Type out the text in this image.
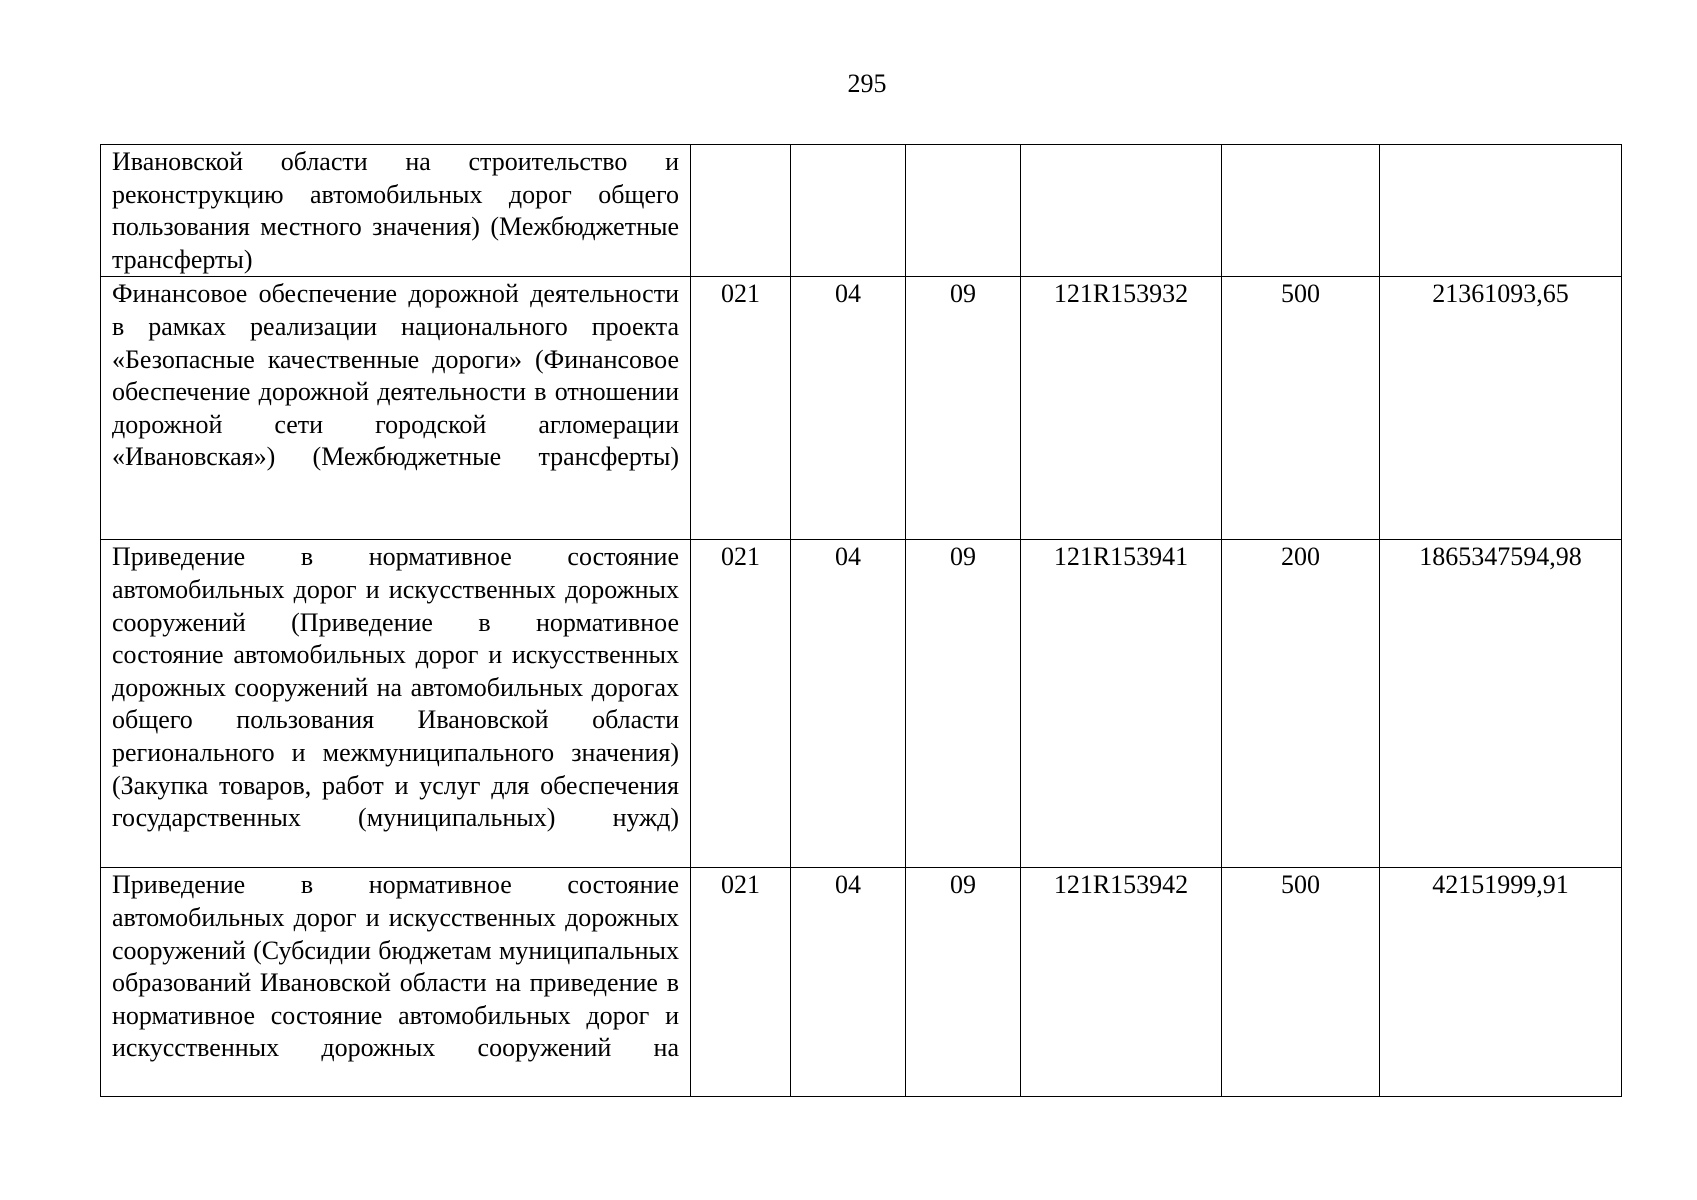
295
Ивановской области на строительство и реконструкцию автомобильных дорог общего пользования местного значения) (Межбюджетные трансферты)						
Финансовое обеспечение дорожной деятельности в рамках реализации национального проекта «Безопасные качественные дороги» (Финансовое обеспечение дорожной деятельности в отношении дорожной сети городской агломерации «Ивановская») (Межбюджетные трансферты)	021	04	09	121R153932	500	21361093,65
Приведение в нормативное состояние автомобильных дорог и искусственных дорожных сооружений (Приведение в нормативное состояние автомобильных дорог и искусственных дорожных сооружений на автомобильных дорогах общего пользования Ивановской области регионального и межмуниципального значения) (Закупка товаров, работ и услуг для обеспечения государственных (муниципальных) нужд)	021	04	09	121R153941	200	1865347594,98
Приведение в нормативное состояние автомобильных дорог и искусственных дорожных сооружений (Субсидии бюджетам муниципальных образований Ивановской области на приведение в нормативное состояние автомобильных дорог и искусственных дорожных сооружений на	021	04	09	121R153942	500	42151999,91
